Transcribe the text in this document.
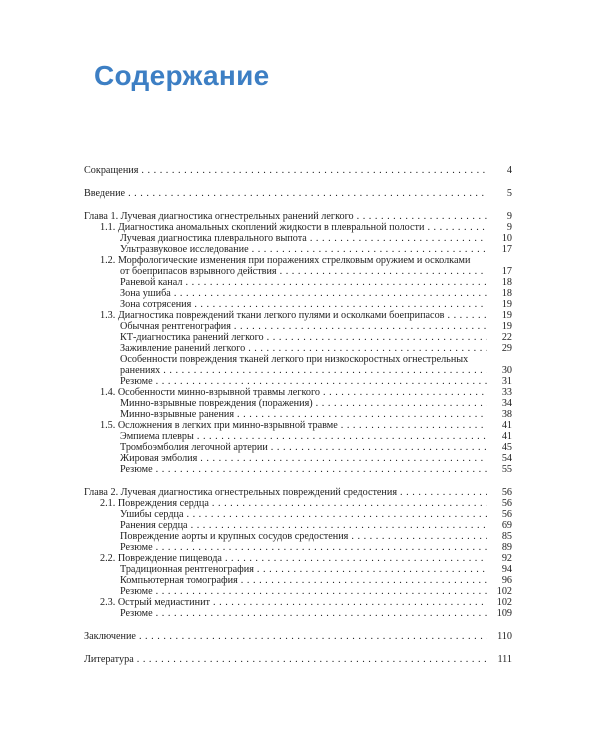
Содержание
Сокращения . . .	4
Введение . . .	5
Глава 1. Лучевая диагностика огнестрельных ранений легкого . . .	9
1.1. Диагностика аномальных скоплений жидкости в плевральной полости . . .	9
Лучевая диагностика плеврального выпота . . .	10
Ультразвуковое исследование . . .	17
1.2. Морфологические изменения при поражениях стрелковым оружием и осколками
от боеприпасов взрывного действия . . .	17
Раневой канал . . .	18
Зона ушиба . . .	18
Зона сотрясения . . .	19
1.3. Диагностика повреждений ткани легкого пулями и осколками боеприпасов . . .	19
Обычная рентгенография . . .	19
КТ-диагностика ранений легкого . . .	22
Заживление ранений легкого . . .	29
Особенности повреждения тканей легкого при низкоскоростных огнестрельных
ранениях . . .	30
Резюме . . .	31
1.4. Особенности минно-взрывной травмы легкого . . .	33
Минно-взрывные повреждения (поражения) . . .	34
Минно-взрывные ранения . . .	38
1.5. Осложнения в легких при минно-взрывной травме . . .	41
Эмпиема плевры . . .	41
Тромбоэмболия легочной артерии . . .	45
Жировая эмболия . . .	54
Резюме . . .	55
Глава 2. Лучевая диагностика огнестрельных повреждений средостения . . .	56
2.1. Повреждения сердца . . .	56
Ушибы сердца . . .	56
Ранения сердца . . .	69
Повреждение аорты и крупных сосудов средостения . . .	85
Резюме . . .	89
2.2. Повреждение пищевода . . .	92
Традиционная рентгенография . . .	94
Компьютерная томография . . .	96
Резюме . . .	102
2.3. Острый медиастинит . . .	102
Резюме . . .	109
Заключение . . .	110
Литература . . .	111
